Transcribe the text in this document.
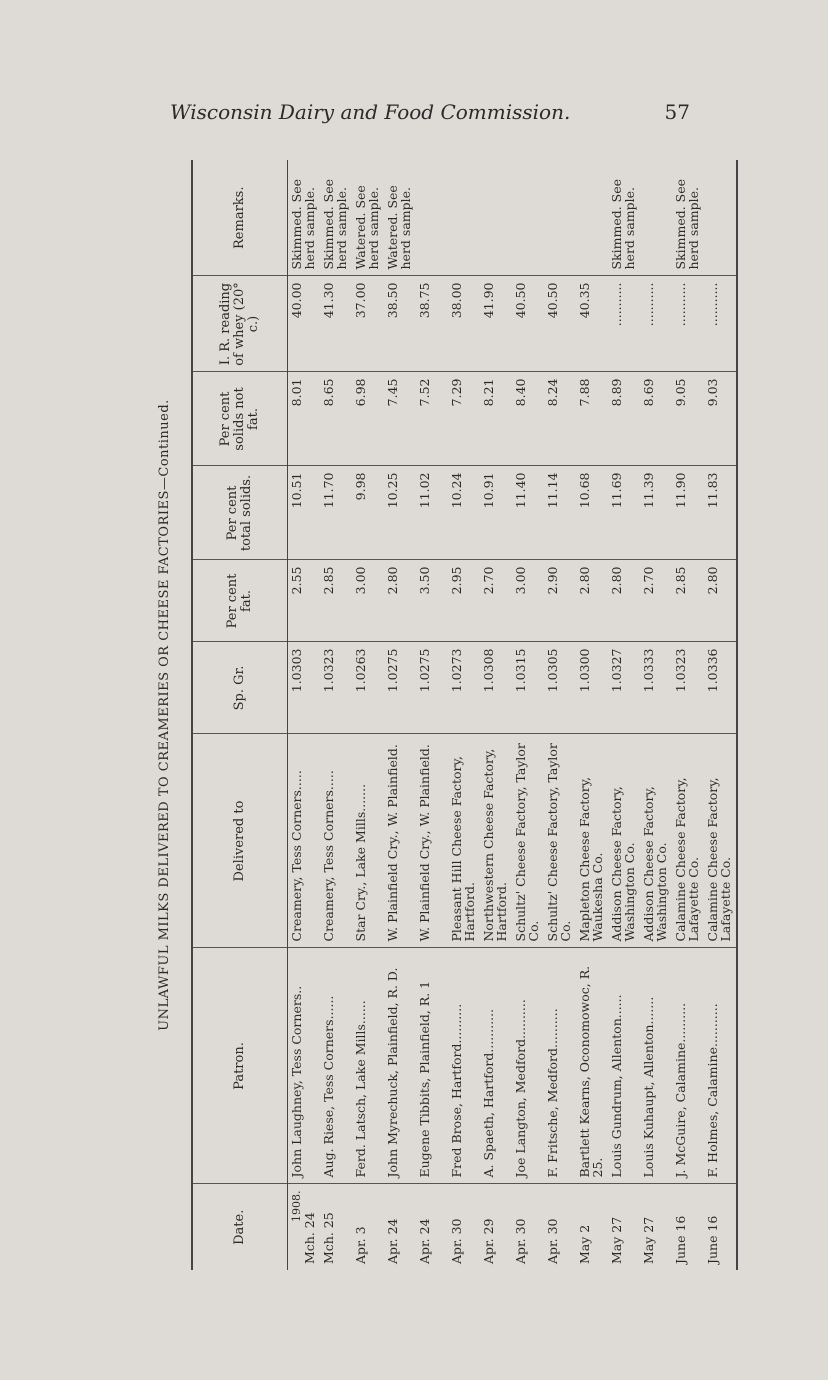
Wisconsin Dairy and Food Commission.	57
UNLAWFUL MILKS DELIVERED TO CREAMERIES OR CHEESE FACTORIES—Continued.
Date.	Patron.	Delivered to	Sp. Gr.	Per cent fat.	Per cent total solids.	Per cent solids not fat.	I. R. reading of whey (20° c.)	Remarks.

1908.
Mch. 24	John Laughney, Tess Corners..	Creamery, Tess Corners.....	1.0303	2.55	10.51	8.01	40.00	Skimmed. See herd sample.
Mch. 25	Aug. Riese, Tess Corners......	Creamery, Tess Corners.....	1.0323	2.85	11.70	8.65	41.30	Skimmed. See herd sample.
Apr. 3	Ferd. Latsch, Lake Mills......	Star Cry., Lake Mills.......	1.0263	3.00	9.98	6.98	37.00	Watered. See herd sample.
Apr. 24	John Myrechuck, Plainfield, R. D.	W. Plainfield Cry., W. Plainfield.	1.0275	2.80	10.25	7.45	38.50	Watered. See herd sample.
Apr. 24	Eugene Tibbits, Plainfield, R. 1	W. Plainfield Cry., W. Plainfield.	1.0275	3.50	11.02	7.52	38.75	
Apr. 30	Fred Brose, Hartford..........	Pleasant Hill Cheese Factory, Hartford.	1.0273	2.95	10.24	7.29	38.00	
Apr. 29	A. Spaeth, Hartford...........	Northwestern Cheese Factory, Hartford.	1.0308	2.70	10.91	8.21	41.90	
Apr. 30	Joe Langton, Medford..........	Schultz' Cheese Factory, Taylor Co.	1.0315	3.00	11.40	8.40	40.50	
Apr. 30	F. Fritsche, Medford..........	Schultz' Cheese Factory, Taylor Co.	1.0305	2.90	11.14	8.24	40.50	
May 2	Bartlett Kearns, Oconomowoc, R. 25.	Mapleton Cheese Factory, Waukesha Co.	1.0300	2.80	10.68	7.88	40.35	
May 27	Louis Gundrum, Allenton......	Addison Cheese Factory, Washington Co.	1.0327	2.80	11.69	8.89	...........	Skimmed. See herd sample.
May 27	Louis Kuhaupt, Allenton.......	Addison Cheese Factory, Washington Co.	1.0333	2.70	11.39	8.69	...........	
June 16	J. McGuire, Calamine..........	Calamine Cheese Factory, Lafayette Co.	1.0323	2.85	11.90	9.05	...........	Skimmed. See herd sample.
June 16	F. Holmes, Calamine...........	Calamine Cheese Factory, Lafayette Co.	1.0336	2.80	11.83	9.03	...........	
